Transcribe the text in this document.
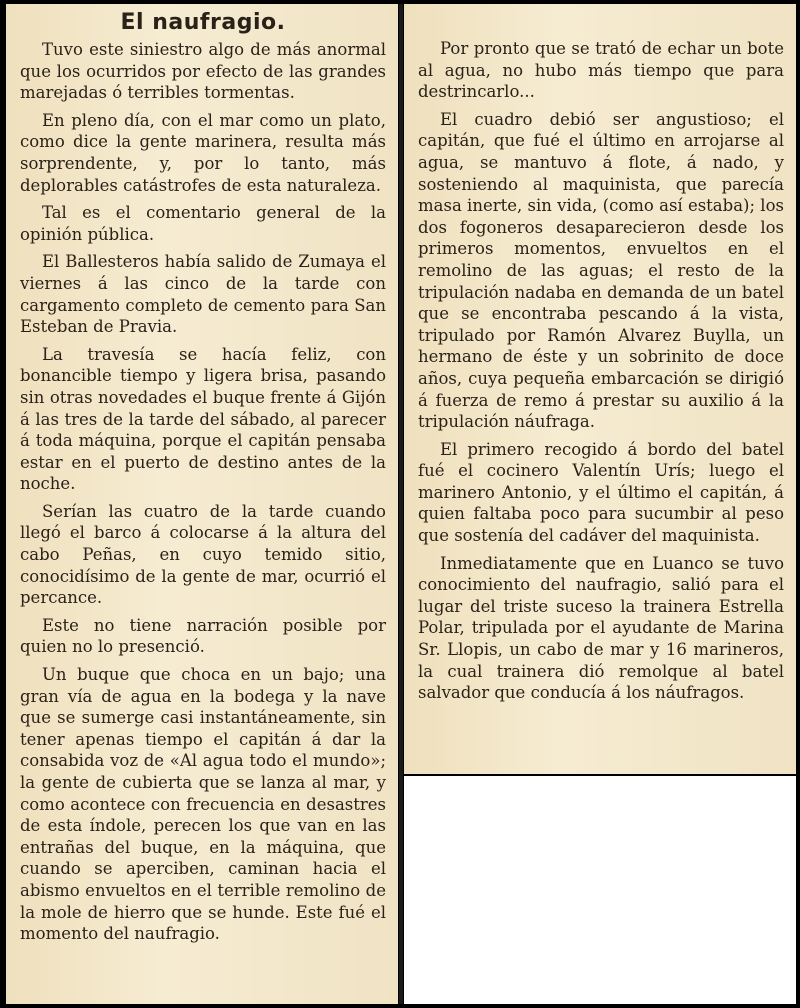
El naufragio.

Tuvo este siniestro algo de más anormal que los ocurridos por efecto de las grandes marejadas ó terribles tormentas.

En pleno día, con el mar como un plato, como dice la gente marinera, resulta más sorprendente, y, por lo tanto, más deplorables catástrofes de esta naturaleza.

Tal es el comentario general de la opinión pública.

El Ballesteros había salido de Zumaya el viernes á las cinco de la tarde con cargamento completo de cemento para San Esteban de Pravia.

La travesía se hacía feliz, con bonancible tiempo y ligera brisa, pasando sin otras novedades el buque frente á Gijón á las tres de la tarde del sábado, al parecer á toda máquina, porque el capitán pensaba estar en el puerto de destino antes de la noche.

Serían las cuatro de la tarde cuando llegó el barco á colocarse á la altura del cabo Peñas, en cuyo temido sitio, conocidísimo de la gente de mar, ocurrió el percance.

Este no tiene narración posible por quien no lo presenció.

Un buque que choca en un bajo; una gran vía de agua en la bodega y la nave que se sumerge casi instantáneamente, sin tener apenas tiempo el capitán á dar la consabida voz de «Al agua todo el mundo»; la gente de cubierta que se lanza al mar, y como acontece con frecuencia en desastres de esta índole, perecen los que van en las entrañas del buque, en la máquina, que cuando se aperciben, caminan hacia el abismo envueltos en el terrible remolino de la mole de hierro que se hunde. Este fué el momento del naufragio.

Por pronto que se trató de echar un bote al agua, no hubo más tiempo que para destrincarlo...

El cuadro debió ser angustioso; el capitán, que fué el último en arrojarse al agua, se mantuvo á flote, á nado, y sosteniendo al maquinista, que parecía masa inerte, sin vida, (como así estaba); los dos fogoneros desaparecieron desde los primeros momentos, envueltos en el remolino de las aguas; el resto de la tripulación nadaba en demanda de un batel que se encontraba pescando á la vista, tripulado por Ramón Alvarez Buylla, un hermano de éste y un sobrinito de doce años, cuya pequeña embarcación se dirigió á fuerza de remo á prestar su auxilio á la tripulación náufraga.

El primero recogido á bordo del batel fué el cocinero Valentín Urís; luego el marinero Antonio, y el último el capitán, á quien faltaba poco para sucumbir al peso que sostenía del cadáver del maquinista.

Inmediatamente que en Luanco se tuvo conocimiento del naufragio, salió para el lugar del triste suceso la trainera Estrella Polar, tripulada por el ayudante de Marina Sr. Llopis, un cabo de mar y 16 marineros, la cual trainera dió remolque al batel salvador que conducía á los náufragos.
